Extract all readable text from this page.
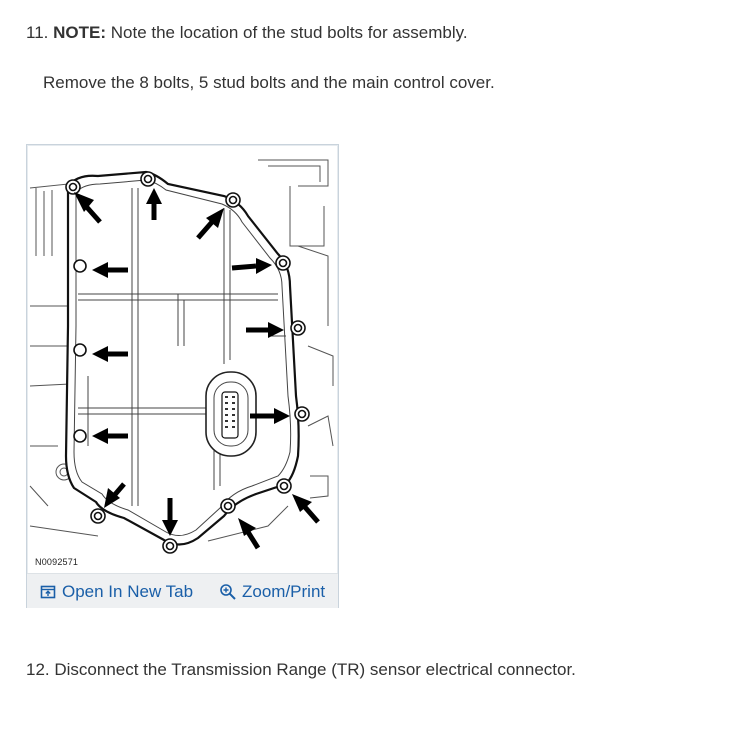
11. NOTE: Note the location of the stud bolts for assembly.
Remove the 8 bolts, 5 stud bolts and the main control cover.
N0092571
Open In New Tab	Zoom/Print
12. Disconnect the Transmission Range (TR) sensor electrical connector.
